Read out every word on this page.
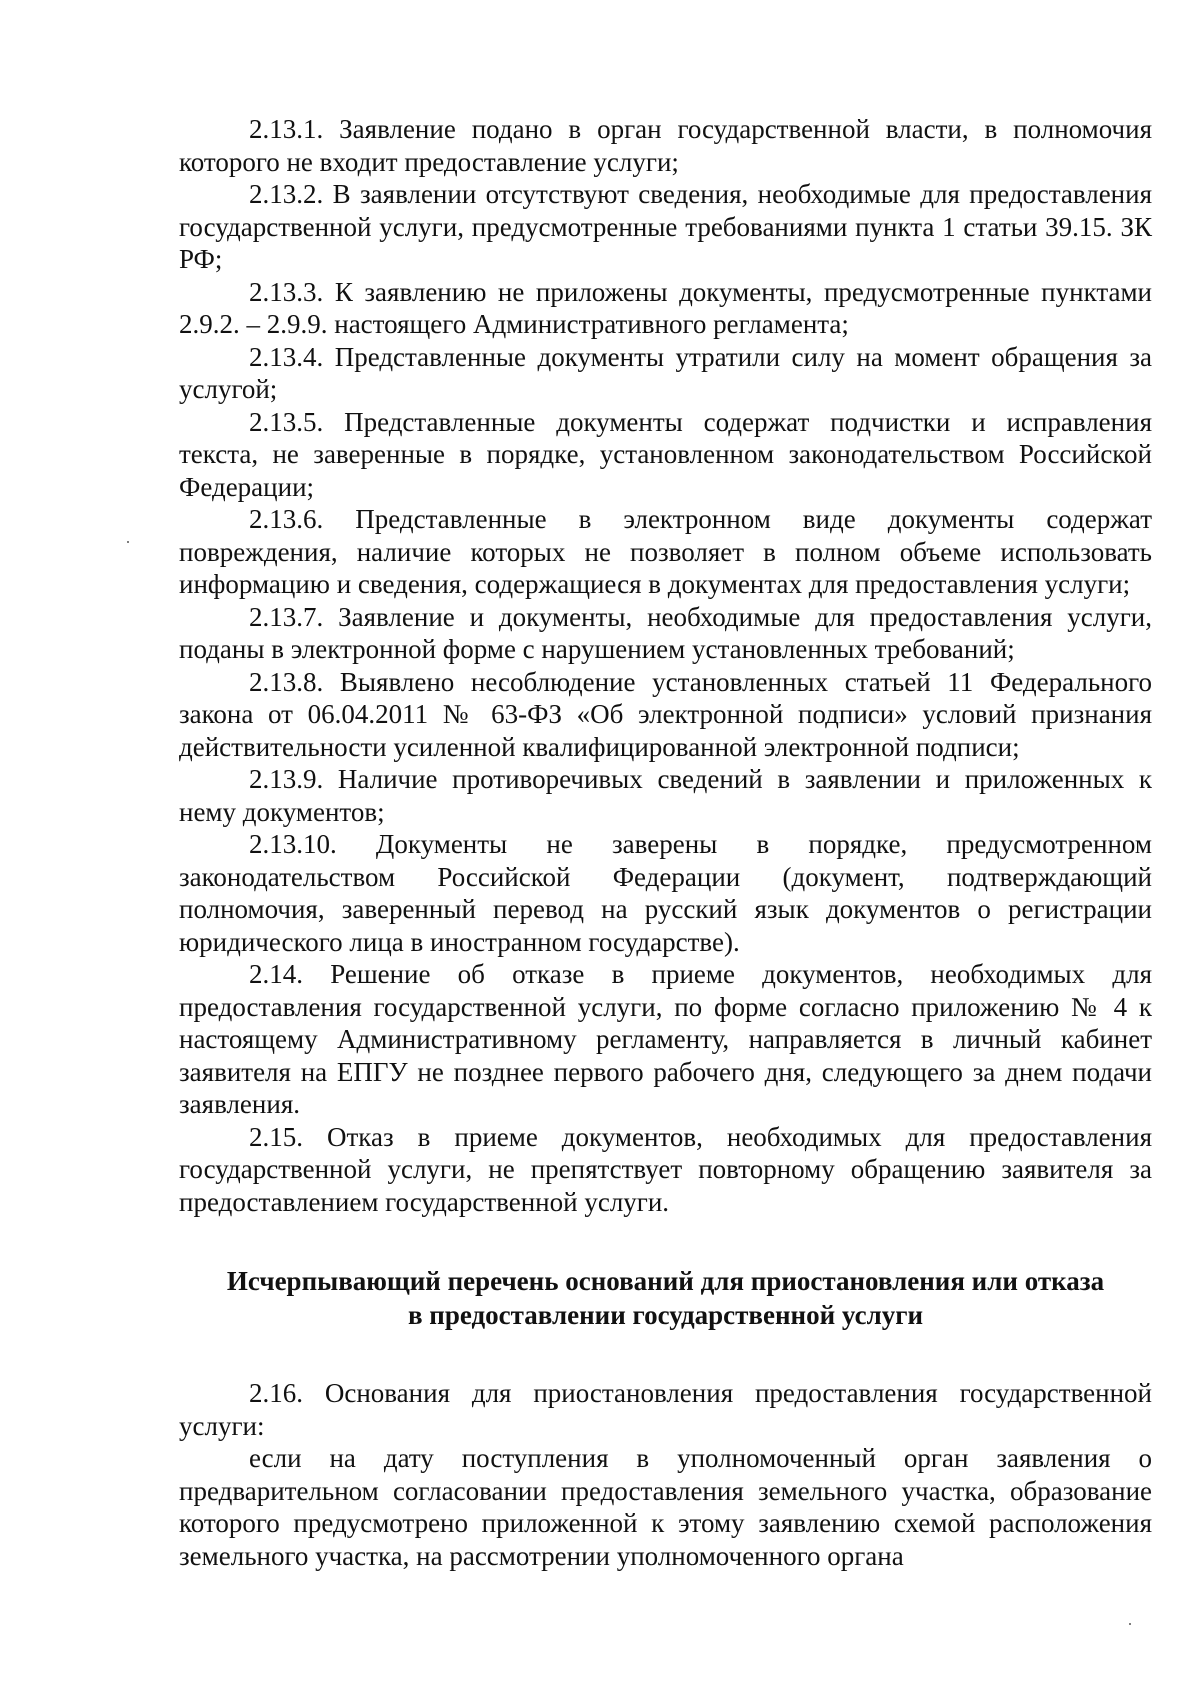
2.13.1. Заявление подано в орган государственной власти, в полномочия которого не входит предоставление услуги;

2.13.2. В заявлении отсутствуют сведения, необходимые для предоставления государственной услуги, предусмотренные требованиями пункта 1 статьи 39.15. ЗК РФ;

2.13.3. К заявлению не приложены документы, предусмотренные пунктами 2.9.2. – 2.9.9. настоящего Административного регламента;

2.13.4. Представленные документы утратили силу на момент обращения за услугой;

2.13.5. Представленные документы содержат подчистки и исправления текста, не заверенные в порядке, установленном законодательством Российской Федерации;

2.13.6. Представленные в электронном виде документы содержат повреждения, наличие которых не позволяет в полном объеме использовать информацию и сведения, содержащиеся в документах для предоставления услуги;

2.13.7. Заявление и документы, необходимые для предоставления услуги, поданы в электронной форме с нарушением установленных требований;

2.13.8. Выявлено несоблюдение установленных статьей 11 Федерального закона от 06.04.2011 № 63-ФЗ «Об электронной подписи» условий признания действительности усиленной квалифицированной электронной подписи;

2.13.9. Наличие противоречивых сведений в заявлении и приложенных к нему документов;

2.13.10. Документы не заверены в порядке, предусмотренном законодательством Российской Федерации (документ, подтверждающий полномочия, заверенный перевод на русский язык документов о регистрации юридического лица в иностранном государстве).

2.14. Решение об отказе в приеме документов, необходимых для предоставления государственной услуги, по форме согласно приложению № 4 к настоящему Административному регламенту, направляется в личный кабинет заявителя на ЕПГУ не позднее первого рабочего дня, следующего за днем подачи заявления.

2.15. Отказ в приеме документов, необходимых для предоставления государственной услуги, не препятствует повторному обращению заявителя за предоставлением государственной услуги.

Исчерпывающий перечень оснований для приостановления или отказа
в предоставлении государственной услуги

2.16. Основания для приостановления предоставления государственной услуги:

если на дату поступления в уполномоченный орган заявления о предварительном согласовании предоставления земельного участка, образование которого предусмотрено приложенной к этому заявлению схемой расположения земельного участка, на рассмотрении уполномоченного органа
